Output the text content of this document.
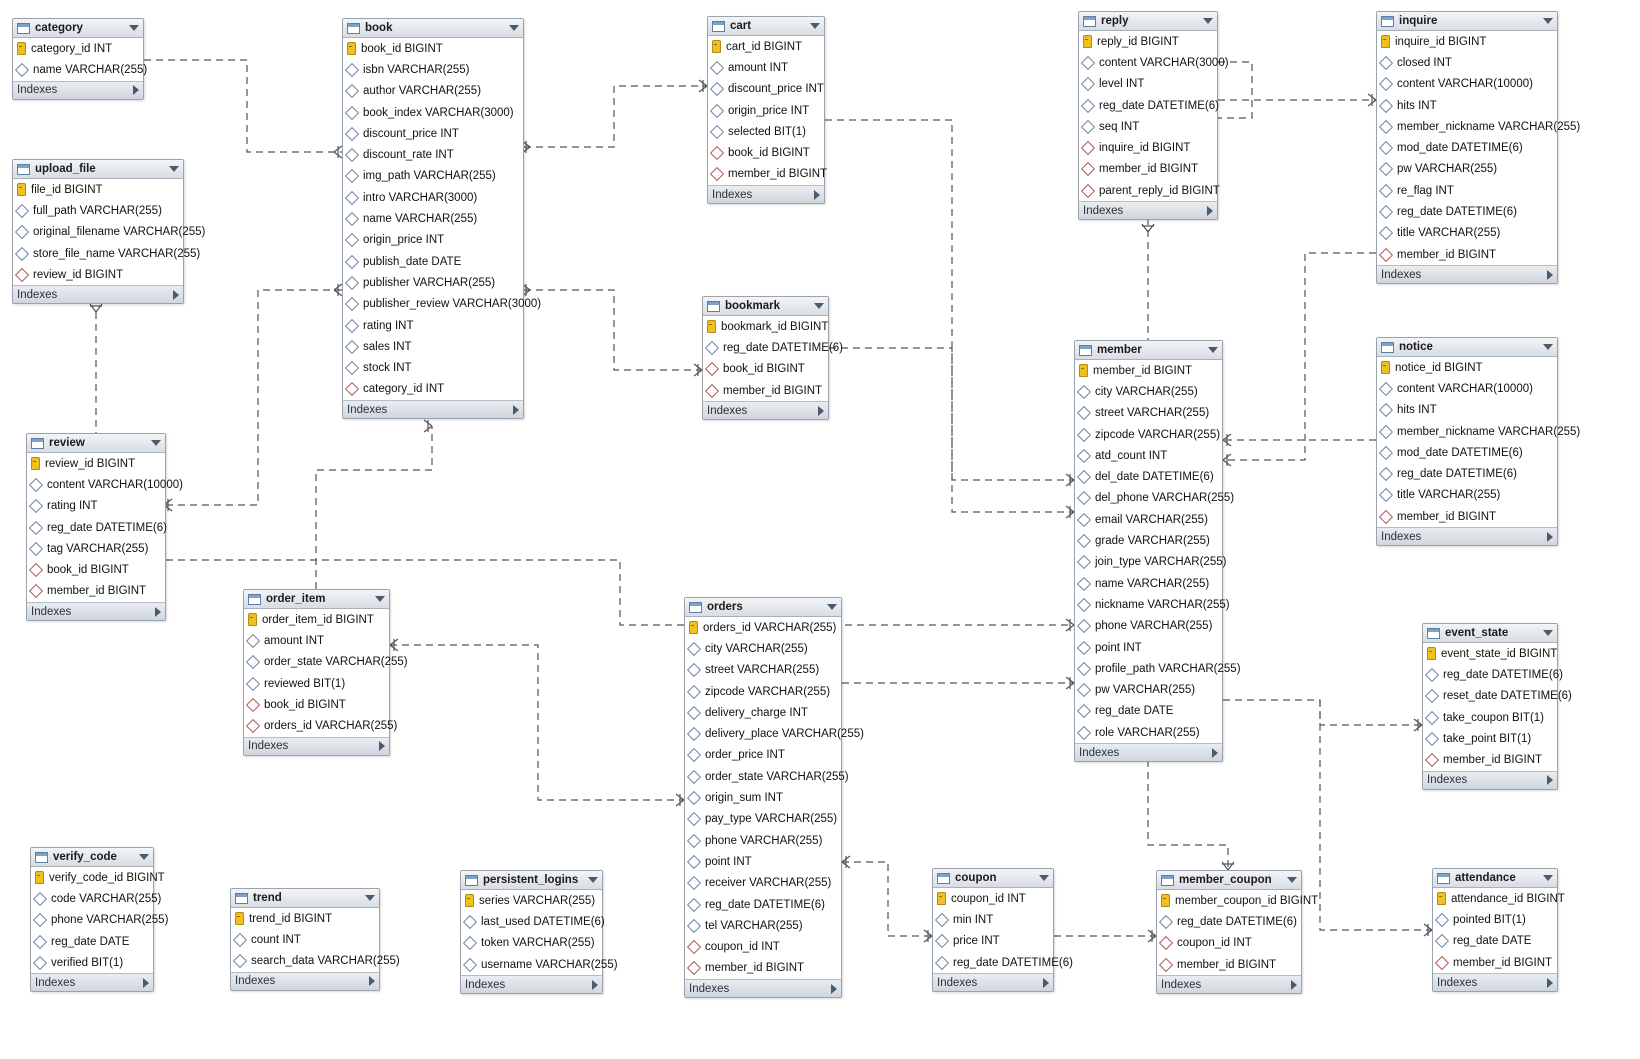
category
category_id INT
name VARCHAR(255)
Indexes
book
book_id BIGINT
isbn VARCHAR(255)
author VARCHAR(255)
book_index VARCHAR(3000)
discount_price INT
discount_rate INT
img_path VARCHAR(255)
intro VARCHAR(3000)
name VARCHAR(255)
origin_price INT
publish_date DATE
publisher VARCHAR(255)
publisher_review VARCHAR(3000)
rating INT
sales INT
stock INT
category_id INT
Indexes
cart
cart_id BIGINT
amount INT
discount_price INT
origin_price INT
selected BIT(1)
book_id BIGINT
member_id BIGINT
Indexes
reply
reply_id BIGINT
content VARCHAR(3000)
level INT
reg_date DATETIME(6)
seq INT
inquire_id BIGINT
member_id BIGINT
parent_reply_id BIGINT
Indexes
inquire
inquire_id BIGINT
closed INT
content VARCHAR(10000)
hits INT
member_nickname VARCHAR(255)
mod_date DATETIME(6)
pw VARCHAR(255)
re_flag INT
reg_date DATETIME(6)
title VARCHAR(255)
member_id BIGINT
Indexes
upload_file
file_id BIGINT
full_path VARCHAR(255)
original_filename VARCHAR(255)
store_file_name VARCHAR(255)
review_id BIGINT
Indexes
bookmark
bookmark_id BIGINT
reg_date DATETIME(6)
book_id BIGINT
member_id BIGINT
Indexes
member
member_id BIGINT
city VARCHAR(255)
street VARCHAR(255)
zipcode VARCHAR(255)
atd_count INT
del_date DATETIME(6)
del_phone VARCHAR(255)
email VARCHAR(255)
grade VARCHAR(255)
join_type VARCHAR(255)
name VARCHAR(255)
nickname VARCHAR(255)
phone VARCHAR(255)
point INT
profile_path VARCHAR(255)
pw VARCHAR(255)
reg_date DATE
role VARCHAR(255)
Indexes
notice
notice_id BIGINT
content VARCHAR(10000)
hits INT
member_nickname VARCHAR(255)
mod_date DATETIME(6)
reg_date DATETIME(6)
title VARCHAR(255)
member_id BIGINT
Indexes
review
review_id BIGINT
content VARCHAR(10000)
rating INT
reg_date DATETIME(6)
tag VARCHAR(255)
book_id BIGINT
member_id BIGINT
Indexes
order_item
order_item_id BIGINT
amount INT
order_state VARCHAR(255)
reviewed BIT(1)
book_id BIGINT
orders_id VARCHAR(255)
Indexes
orders
orders_id VARCHAR(255)
city VARCHAR(255)
street VARCHAR(255)
zipcode VARCHAR(255)
delivery_charge INT
delivery_place VARCHAR(255)
order_price INT
order_state VARCHAR(255)
origin_sum INT
pay_type VARCHAR(255)
phone VARCHAR(255)
point INT
receiver VARCHAR(255)
reg_date DATETIME(6)
tel VARCHAR(255)
coupon_id INT
member_id BIGINT
Indexes
event_state
event_state_id BIGINT
reg_date DATETIME(6)
reset_date DATETIME(6)
take_coupon BIT(1)
take_point BIT(1)
member_id BIGINT
Indexes
verify_code
verify_code_id BIGINT
code VARCHAR(255)
phone VARCHAR(255)
reg_date DATE
verified BIT(1)
Indexes
trend
trend_id BIGINT
count INT
search_data VARCHAR(255)
Indexes
persistent_logins
series VARCHAR(255)
last_used DATETIME(6)
token VARCHAR(255)
username VARCHAR(255)
Indexes
coupon
coupon_id INT
min INT
price INT
reg_date DATETIME(6)
Indexes
member_coupon
member_coupon_id BIGINT
reg_date DATETIME(6)
coupon_id INT
member_id BIGINT
Indexes
attendance
attendance_id BIGINT
pointed BIT(1)
reg_date DATE
member_id BIGINT
Indexes
